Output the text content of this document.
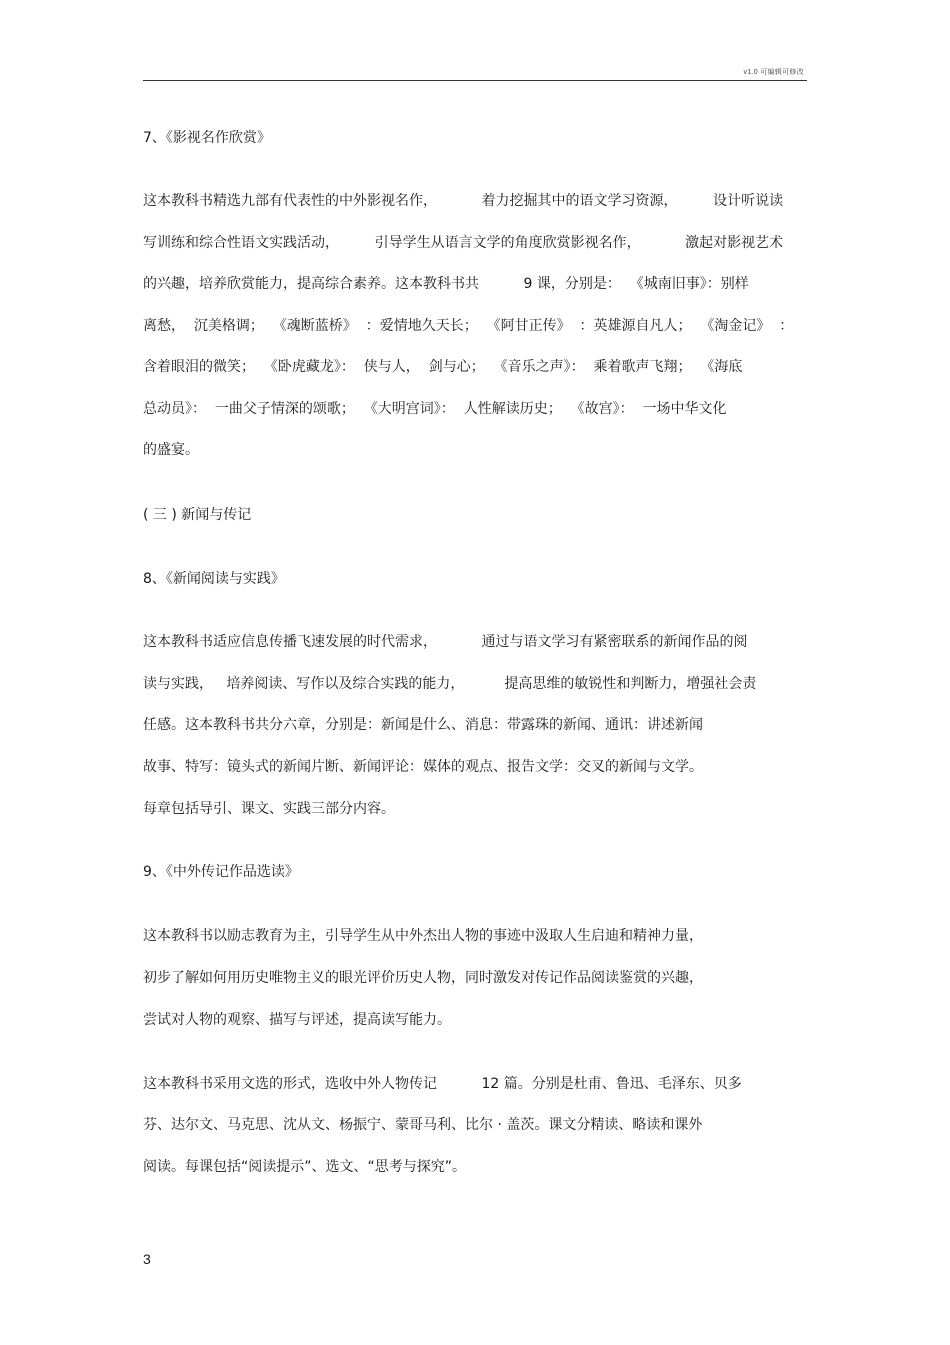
v1.0 可编辑可修改
7、《影视名作欣赏》
这本教科书精选九部有代表性的中外影视名作，          着力挖掘其中的语文学习资源，        设计听说读
写训练和综合性语文实践活动，        引导学生从语言文学的角度欣赏影视名作，          激起对影视艺术
的兴趣，培养欣赏能力，提高综合素养。这本教科书共          9 课，分别是：  《城南旧事》：别样
离愁，  沉美格调；  《魂断蓝桥》  ：爱情地久天长；  《阿甘正传》  ：英雄源自凡人；  《淘金记》  ：
含着眼泪的微笑；  《卧虎藏龙》：  侠与人，  剑与心；  《音乐之声》：  乘着歌声飞翔；  《海底
总动员》：  一曲父子情深的颂歌；  《大明宫词》：  人性解读历史；  《故宫》：  一场中华文化
的盛宴。
( 三 ) 新闻与传记
8、《新闻阅读与实践》
这本教科书适应信息传播飞速发展的时代需求，          通过与语文学习有紧密联系的新闻作品的阅
读与实践，   培养阅读、写作以及综合实践的能力，         提高思维的敏锐性和判断力，增强社会责
任感。这本教科书共分六章，分别是：新闻是什么、消息：带露珠的新闻、通讯：讲述新闻
故事、特写：镜头式的新闻片断、新闻评论：媒体的观点、报告文学：交叉的新闻与文学。
每章包括导引、课文、实践三部分内容。
9、《中外传记作品选读》
这本教科书以励志教育为主，引导学生从中外杰出人物的事迹中汲取人生启迪和精神力量，
初步了解如何用历史唯物主义的眼光评价历史人物，同时激发对传记作品阅读鉴赏的兴趣，
尝试对人物的观察、描写与评述，提高读写能力。
这本教科书采用文选的形式，选收中外人物传记          12 篇。分别是杜甫、鲁迅、毛泽东、贝多
芬、达尔文、马克思、沈从文、杨振宁、蒙哥马利、比尔 · 盖茨。课文分精读、略读和课外
阅读。每课包括“阅读提示”、选文、“思考与探究”。
3
